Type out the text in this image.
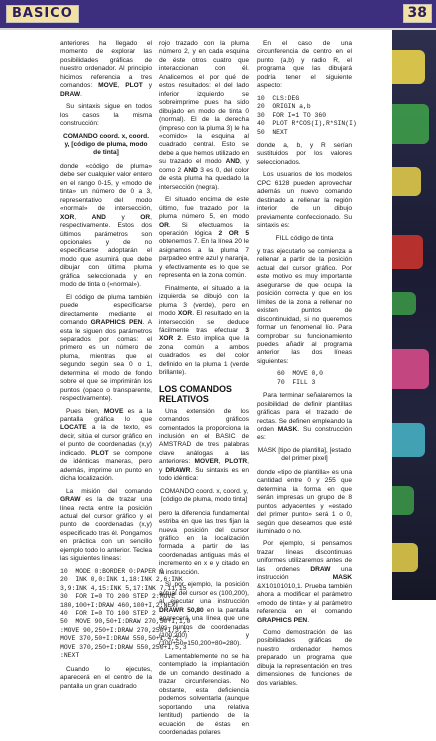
BASICO	38

anteriores ha llegado el momento de explorar las posibilidades gráficas de nuestro ordenador. Al principio hicimos referencia a tres comandos: MOVE, PLOT y DRAW.

Su sintaxis sigue en todos los casos la misma construcción:

COMANDO coord. x, coord. y, [código de pluma, modo de tinta]

donde «código de pluma» debe ser cualquier valor entero en el rango 0-15, y «modo de tinta» un número de 0 a 3, representativo del modo «normal» de intersección, XOR, AND y OR, respectivamente. Estos dos últimos parámetros son opcionales y de no especificarse adoptarán el modo que asumirá que debe dibujar con última pluma gráfica seleccionada y en modo de tinta o («normal»).

El código de pluma también puede especificarse directamente mediante el comando GRAPHICS PEN. A esta le siguen dos parámetros separados por comas: el primero es un número de pluma, mientras que el segundo según sea 0 o 1, determina el modo de fondo sobre el que se imprimirán los puntos (opaco o transparente, respectivamente).

Pues bien, MOVE es a la pantalla gráfica lo que LOCATE a la de texto, es decir, sitúa el cursor gráfico en el punto de coordenadas (x,y) indicado. PLOT se compone de idénticas maneras, pero además, imprime un punto en dicha localización.

La misión del comando GRAW es la de trazar una línea recta entre la posición actual del cursor gráfico y el punto de coordenadas (x,y) especificado tras él. Pongamos en práctica con un sencillo ejemplo todo lo anterior. Teclea las siguientes líneas:

10  MODE 0:BORDER 0:PAPER 0
20  INK 0,0:INK 1,18:INK 2,6:INK
3,9:INK 4,15:INK 5,17:INK 7,11,15
30  FOR I=0 TO 200 STEP 2:MOVE
180,100+I:DRAW 460,100+I,2:NEXT
40  FOR I=0 TO 100 STEP 2
50  MOVE 90,50+I:DRAW 270,50+I,1,0
:MOVE 90,250+I:DRAW 270,250+I,3,1:
MOVE 370,50+I:DRAW 550,50+I,4,2:
MOVE 370,250+I:DRAW 550,250+I,5,3
:NEXT

Cuando lo ejecutes, aparecerá en el centro de la pantalla un gran cuadrado

rojo trazado con la pluma número 2, y en cada esquina de éste otros cuatro que interaccionan con él. Analicemos el por qué de estos resultados: el del lado inferior izquierdo se sobreimprime pues ha sido dibujado en modo de tinta 0 (normal). El de la derecha (impreso con la pluma 3) le ha «comido» la esquina al cuadrado central. Esto se debe a que hemos utilizado en su trazado el modo AND, y como 2 AND 3 es 0, del color de esta pluma ha quedado la intersección (negra).

El situado encima de este último, fue trazado por la pluma número 5, en modo OR. Si efectuamos la operación lógica 2 OR 5 obtenemos 7. En la línea 20 le asignamos a la pluma 7 parpadeo entre azul y naranja, y efectivamente es lo que se representa en la zona común.

Finalmente, el situado a la izquierda se dibujó con la pluma 3 (verde), pero en modo XOR. El resultado en la intersección se deduce fácilmente tras efectuar 3 XOR 2. Esto implica que la zona común a ambos cuadrados es del color definido en la pluma 1 (verde brillante).

LOS COMANDOS RELATIVOS

Una extensión de los comandos gráficos comentados la proporciona la inclusión en el BASIC de AMSTRAD de tres palabras clave análogas a las anteriores: MOVER, PLOTR, y DRAWR. Su sintaxis es en todo idéntica:

COMANDO coord. x, coord. y, [código de pluma, modo tinta]

pero la diferencia fundamental estriba en que las tres fijan la nueva posición del cursor gráfico en la localización formada a partir de las coordenadas antiguas más el incremento en x e y citado en la instrucción.

Si por ejemplo, la posición actual del cursor es (100,200), al ejecutar una instrucción DRAWR 50,80 en la pantalla aparecerá una línea que une los puntos de coordenadas (100,200) y (100+50=150,200+80=280).

Lamentablemente no se ha contemplado la implantación de un comando destinado a trazar circunferencias. No obstante, esta deficiencia podemos solventarla (aunque soportando una relativa lentitud) partiendo de la ecuación de éstas en coordenadas polares

En el caso de una circunferencia de centro en el punto (a,b) y radio R, el programa que las dibujará podría tener el siguiente aspecto:

10  CLS:DEG
20  ORIGIN a,b
30  FOR I=1 TO 360
40  PLOT R*COS(I),R*SIN(I)
50  NEXT

donde a, b, y R serían sustituidos por los valores seleccionados.

Los usuarios de los modelos CPC 6128 pueden aprovechar además un nuevo comando destinado a rellenar la región interior de un dibujo previamente confeccionado. Su sintaxis es:

FILL código de tinta

y tras ejecutarlo se comienza a rellenar a partir de la posición actual del cursor gráfico. Por este motivo es muy importante asegurarse de que ocupa la posición correcta y que en los límites de la zona a rellenar no existen puntos de discontinuidad, si no queremos formar un fenomenal lío. Para comprobar su funcionamiento puedes añadir al programa anterior las dos líneas siguientes:

60  MOVE 0,0
70  FILL 3

Para terminar señalaremos la posibilidad de definir plantillas gráficas para el trazado de rectas. Se definen empleando la orden MASK. Su construcción es:

MASK [tipo de plantilla], [estado del primer pixel]

donde «tipo de plantilla» es una cantidad entre 0 y 255 que determina la forma en que serán impresas un grupo de 8 puntos adyacentes y «estado del primer punto» será 1 o 0, según que deseamos que esté iluminado o no.

Por ejemplo, si pensamos trazar líneas discontinuas uniformes utilizaremos antes de las ordenes DRAW una instrucción MASK &X10101010,1. Prueba también ahora a modificar el parámetro «modo de tinta» y al parámetro referencia en el comando GRAPHICS PEN.

Como demostración de las posibilidades gráficas de nuestro ordenador hemos preparado un programa que dibuja la representación en tres dimensiones de funciones de dos variables.
